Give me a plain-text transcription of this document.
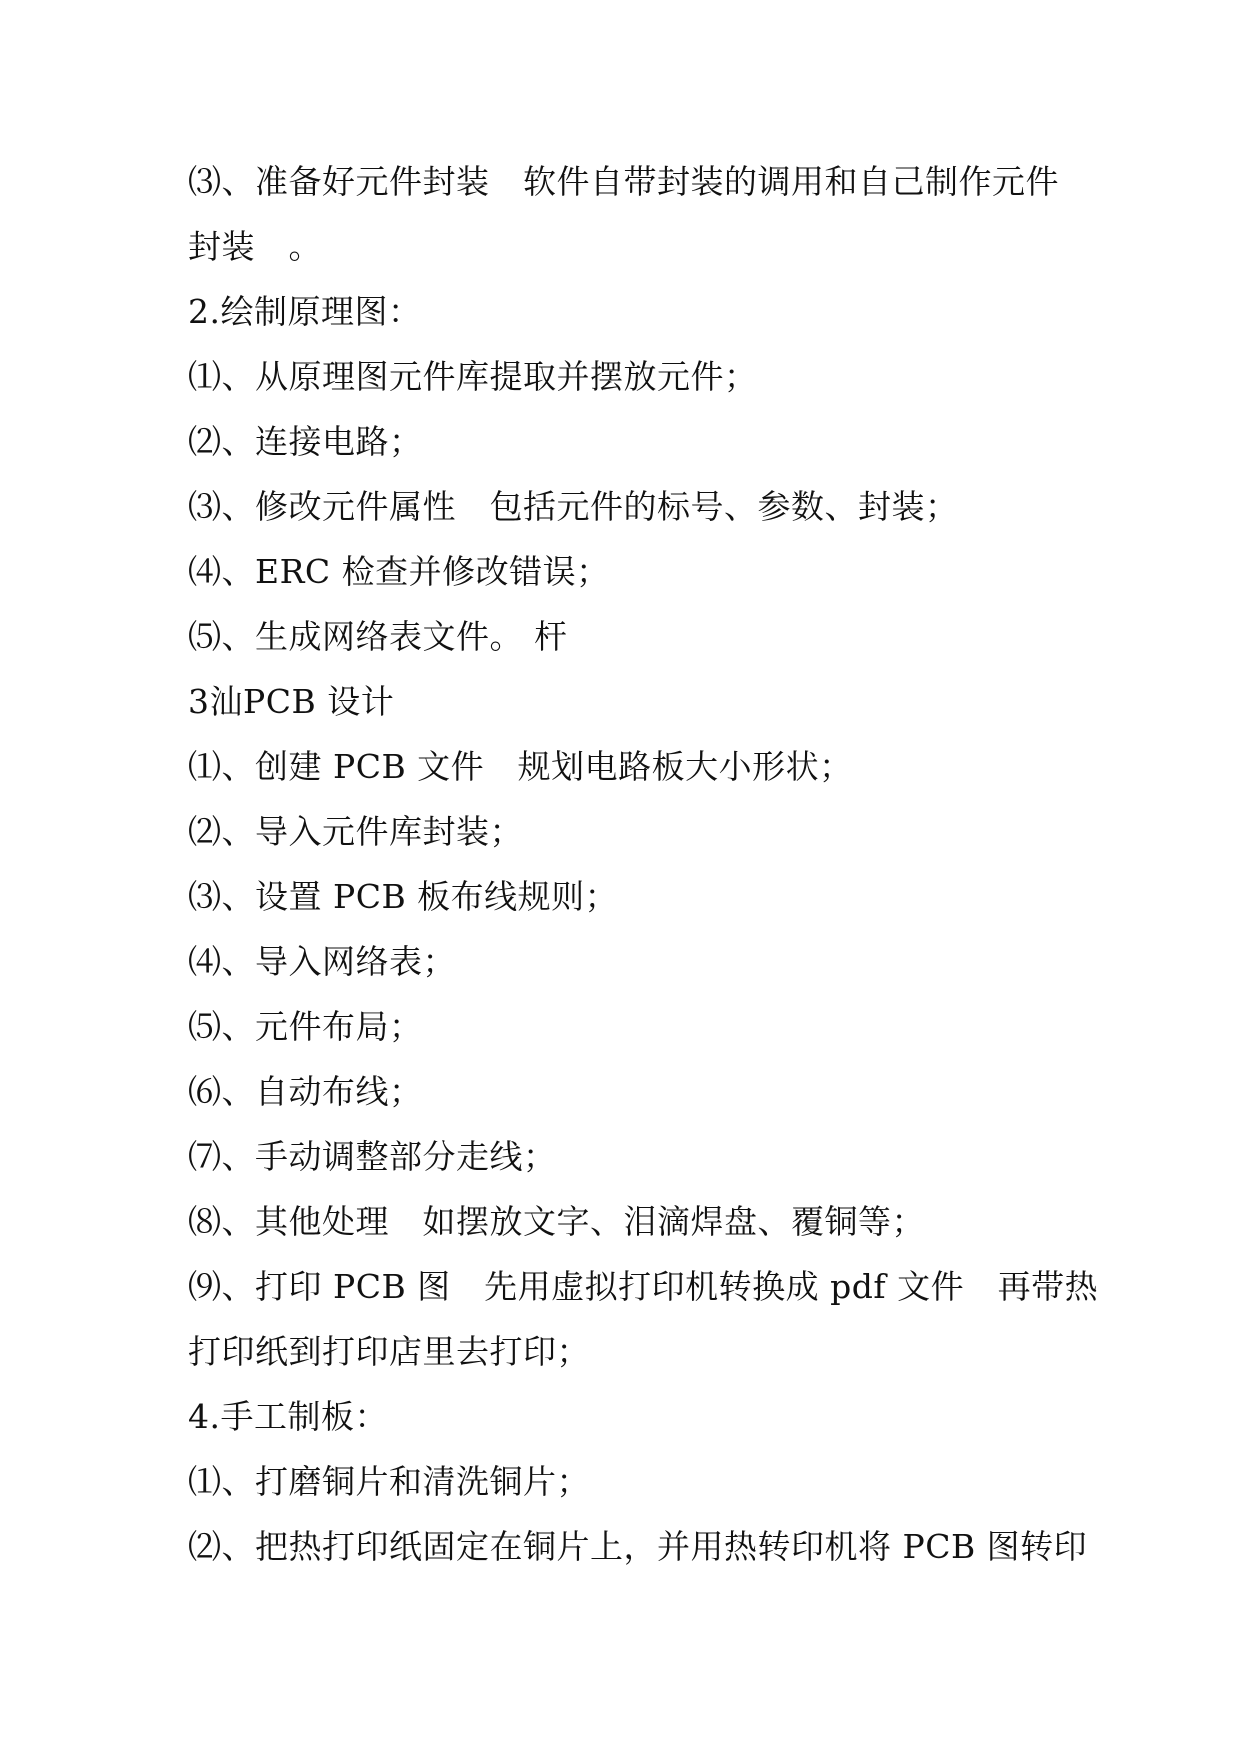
⑶、准备好元件封装　软件自带封装的调用和自己制作元件
封装　。
2.绘制原理图：
⑴、从原理图元件库提取并摆放元件；
⑵、连接电路；
⑶、修改元件属性　包括元件的标号、参数、封装；
⑷、ERC 检查并修改错误；
⑸、生成网络表文件。 杆
3汕PCB 设计
⑴、创建 PCB 文件　规划电路板大小形状；
⑵、导入元件库封装；
⑶、设置 PCB 板布线规则；
⑷、导入网络表；
⑸、元件布局；
⑹、自动布线；
⑺、手动调整部分走线；
⑻、其他处理　如摆放文字、泪滴焊盘、覆铜等；
⑼、打印 PCB 图　先用虚拟打印机转换成 pdf 文件　再带热
打印纸到打印店里去打印；
4.手工制板：
⑴、打磨铜片和清洗铜片；
⑵、把热打印纸固定在铜片上，并用热转印机将 PCB 图转印
